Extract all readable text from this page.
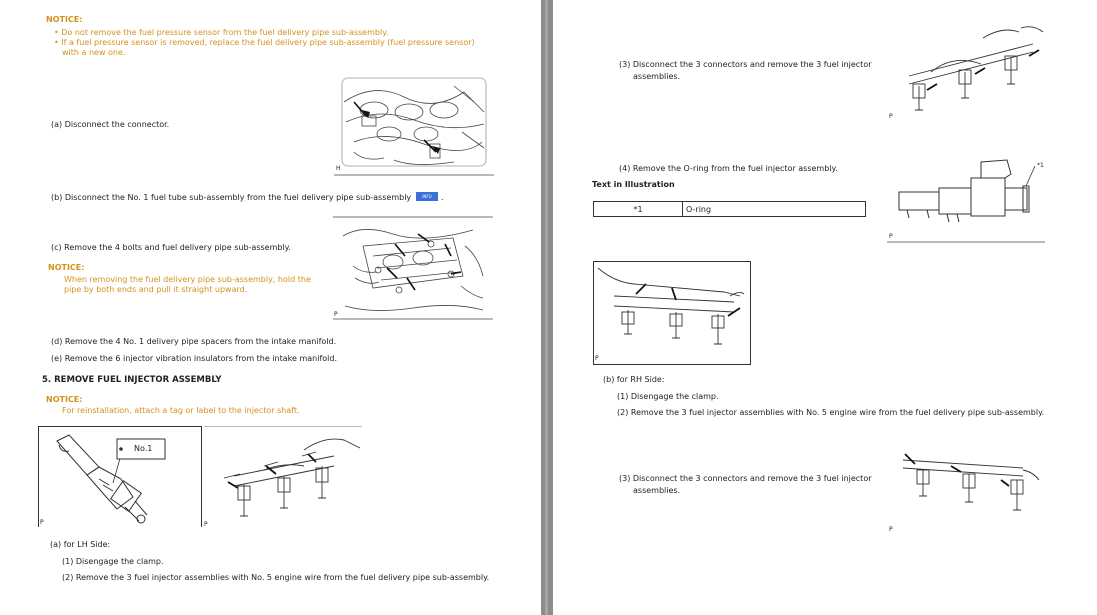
NOTICE:
• Do not remove the fuel pressure sensor from the fuel delivery pipe sub-assembly.
• If a fuel pressure sensor is removed, replace the fuel delivery pipe sub-assembly (fuel pressure sensor)
with a new one.
(a) Disconnect the connector.
H
(b) Disconnect the No. 1 fuel tube sub-assembly from the fuel delivery pipe sub-assembly	INFO	.
(c) Remove the 4 bolts and fuel delivery pipe sub-assembly.
NOTICE:
When removing the fuel delivery pipe sub-assembly, hold the
pipe by both ends and pull it straight upward.
P
(d) Remove the 4 No. 1 delivery pipe spacers from the intake manifold.
(e) Remove the 6 injector vibration insulators from the intake manifold.
5. REMOVE FUEL INJECTOR ASSEMBLY
NOTICE:
For reinstallation, attach a tag or label to the injector shaft.
No.1
P	P
(a) for LH Side:
(1) Disengage the clamp.
(2) Remove the 3 fuel injector assemblies with No. 5 engine wire from the fuel delivery pipe sub-assembly.
(3) Disconnect the 3 connectors and remove the 3 fuel injector
assemblies.
P
(4) Remove the O-ring from the fuel injector assembly.
Text in Illustration
*1	O-ring
*1
P
P
(b) for RH Side:
(1) Disengage the clamp.
(2) Remove the 3 fuel injector assemblies with No. 5 engine wire from the fuel delivery pipe sub-assembly.
(3) Disconnect the 3 connectors and remove the 3 fuel injector
assemblies.
P
